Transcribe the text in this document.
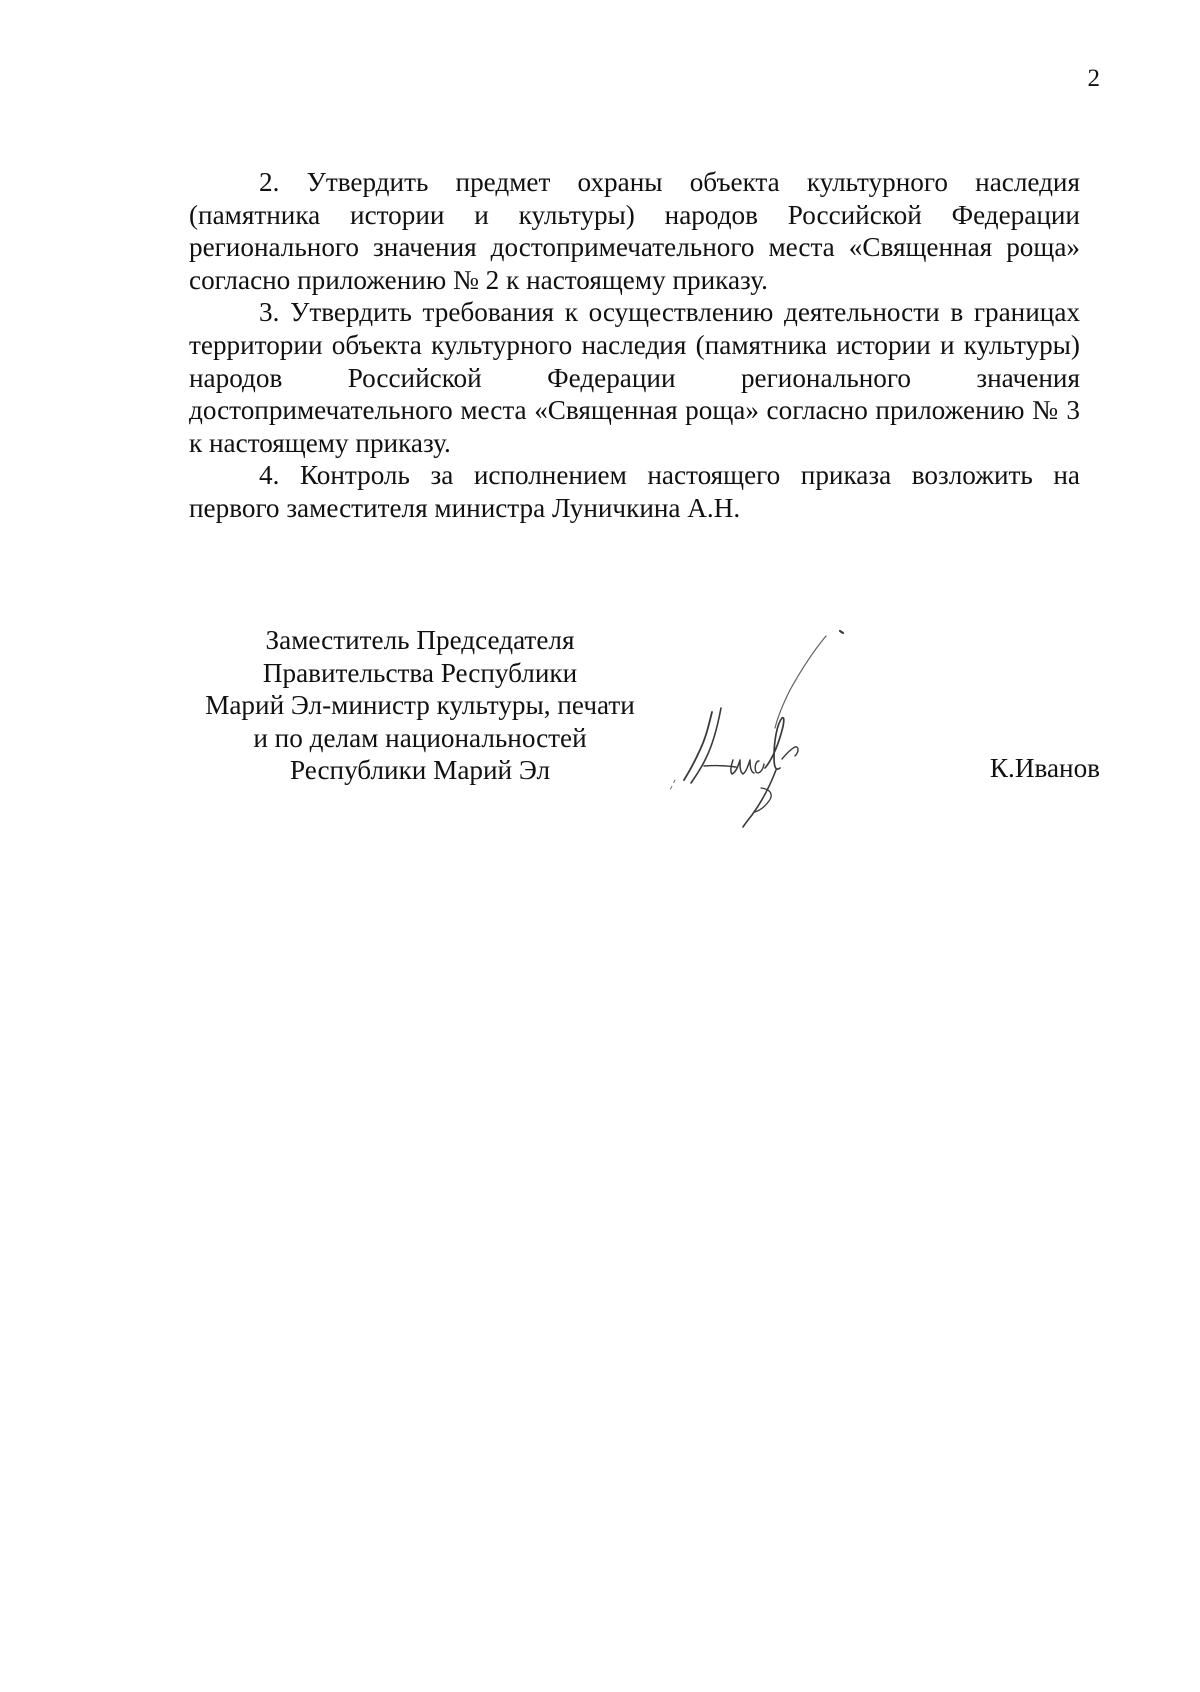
2

2. Утвердить предмет охраны объекта культурного наследия (памятника истории и культуры) народов Российской Федерации регионального значения достопримечательного места «Священная роща» согласно приложению № 2 к настоящему приказу.

3. Утвердить требования к осуществлению деятельности в границах территории объекта культурного наследия (памятника истории и культуры) народов Российской Федерации регионального значения достопримечательного места «Священная роща» согласно приложению № 3 к настоящему приказу.

4. Контроль за исполнением настоящего приказа возложить на первого заместителя министра Луничкина А.Н.

Заместитель Председателя
Правительства Республики
Марий Эл-министр культуры, печати
и по делам национальностей
Республики Марий Эл	К.Иванов
